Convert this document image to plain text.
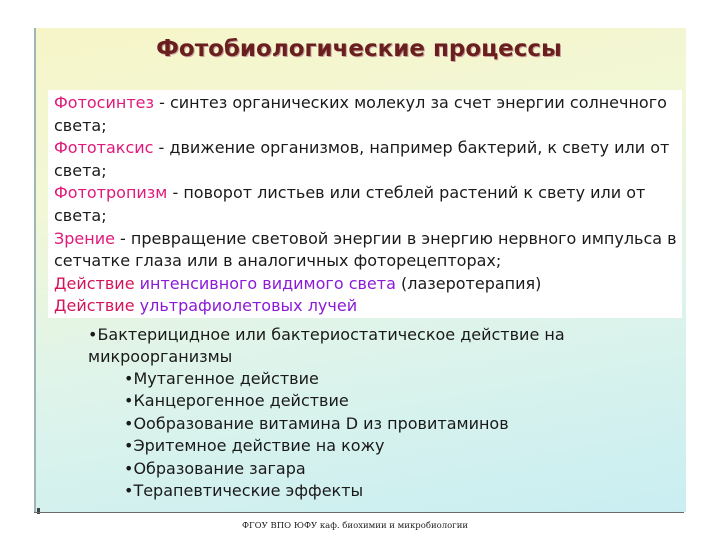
Фотобиологические процессы
Фотосинтез - синтез органических молекул за счет энергии солнечного света;
Фототаксис - движение организмов, например бактерий, к свету или от света;
Фототропизм - поворот листьев или стеблей растений к свету или от света;
Зрение - превращение световой энергии в энергию нервного импульса в сетчатке глаза или в аналогичных фоторецепторах;
Действие интенсивного видимого света (лазеротерапия)
Действие ультрафиолетовых лучей
•Бактерицидное или бактериостатическое действие на микроорганизмы
•Мутагенное действие
•Канцерогенное действие
•Ообразование витамина D из провитаминов
•Эритемное действие на кожу
•Образование загара
•Терапевтические эффекты
ФГОУ ВПО ЮФУ каф. биохимии и микробиологии
